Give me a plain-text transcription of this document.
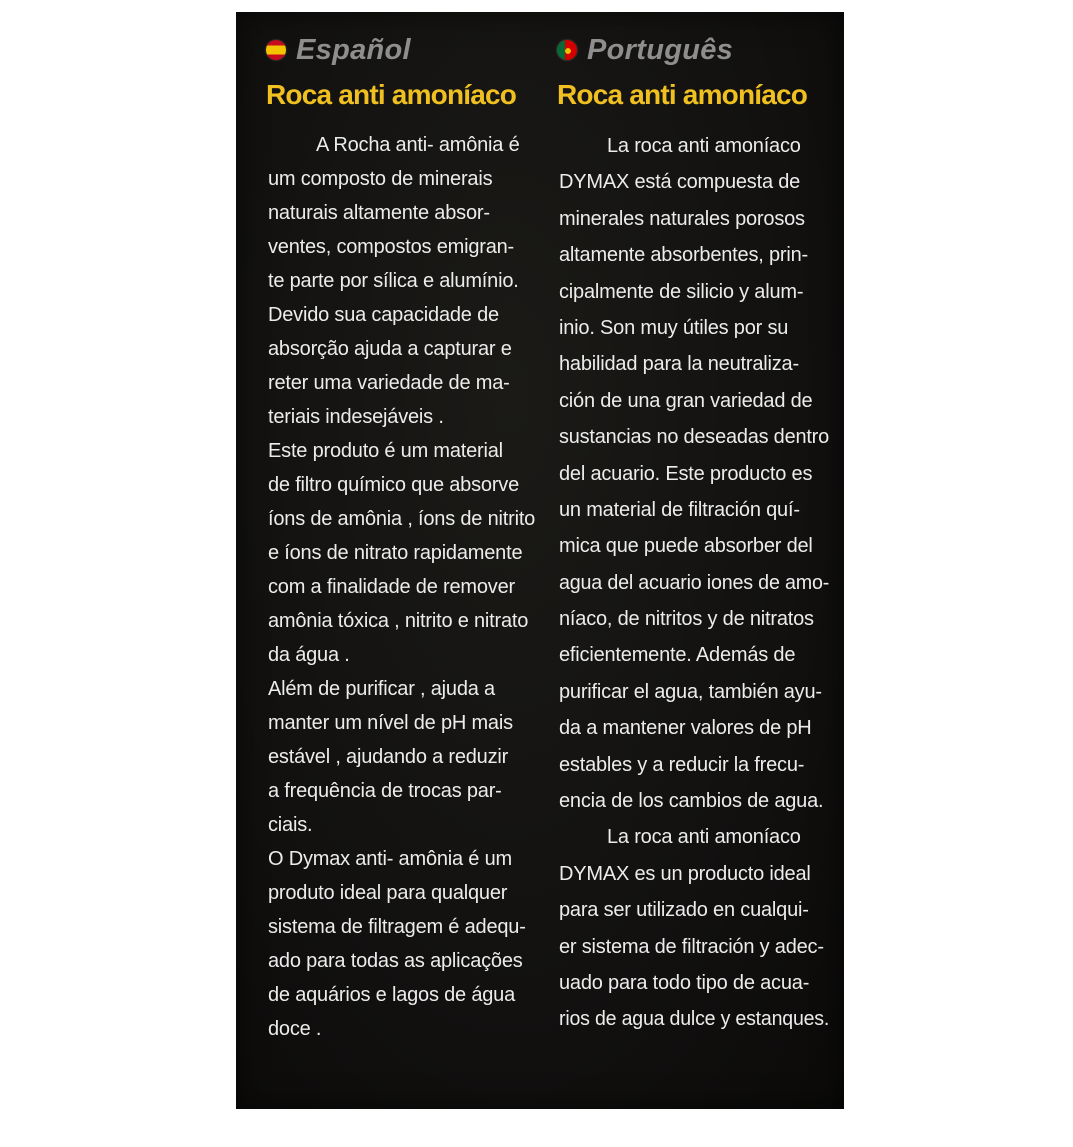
Español
Roca anti amoníaco
A Rocha anti- amônia é
um composto de minerais
naturais altamente absor-
ventes, compostos emigran-
te parte por sílica e alumínio.
Devido sua capacidade de
absorção ajuda a capturar e
reter uma variedade de ma-
teriais indesejáveis .
Este produto é um material
de filtro químico que absorve
íons de amônia , íons de nitrito
e íons de nitrato rapidamente
com a finalidade de remover
amônia tóxica , nitrito e nitrato
da água .
Além de purificar , ajuda a
manter um nível de pH mais
estável , ajudando a reduzir
a frequência de trocas par-
ciais.
O Dymax anti- amônia é um
produto ideal para qualquer
sistema de filtragem é adequ-
ado para todas as aplicações
de aquários e lagos de água
doce .
Português
Roca anti amoníaco
La roca anti amoníaco
DYMAX está compuesta de
minerales naturales porosos
altamente absorbentes, prin-
cipalmente de silicio y alum-
inio. Son muy útiles por su
habilidad para la neutraliza-
ción de una gran variedad de
sustancias no deseadas dentro
del acuario. Este producto es
un material de filtración quí-
mica que puede absorber del
agua del acuario iones de amo-
níaco, de nitritos y de nitratos
eficientemente. Además de
purificar el agua, también ayu-
da a mantener valores de pH
estables y a reducir la frecu-
encia de los cambios de agua.
La roca anti amoníaco
DYMAX es un producto ideal
para ser utilizado en cualqui-
er sistema de filtración y adec-
uado para todo tipo de acua-
rios de agua dulce y estanques.
